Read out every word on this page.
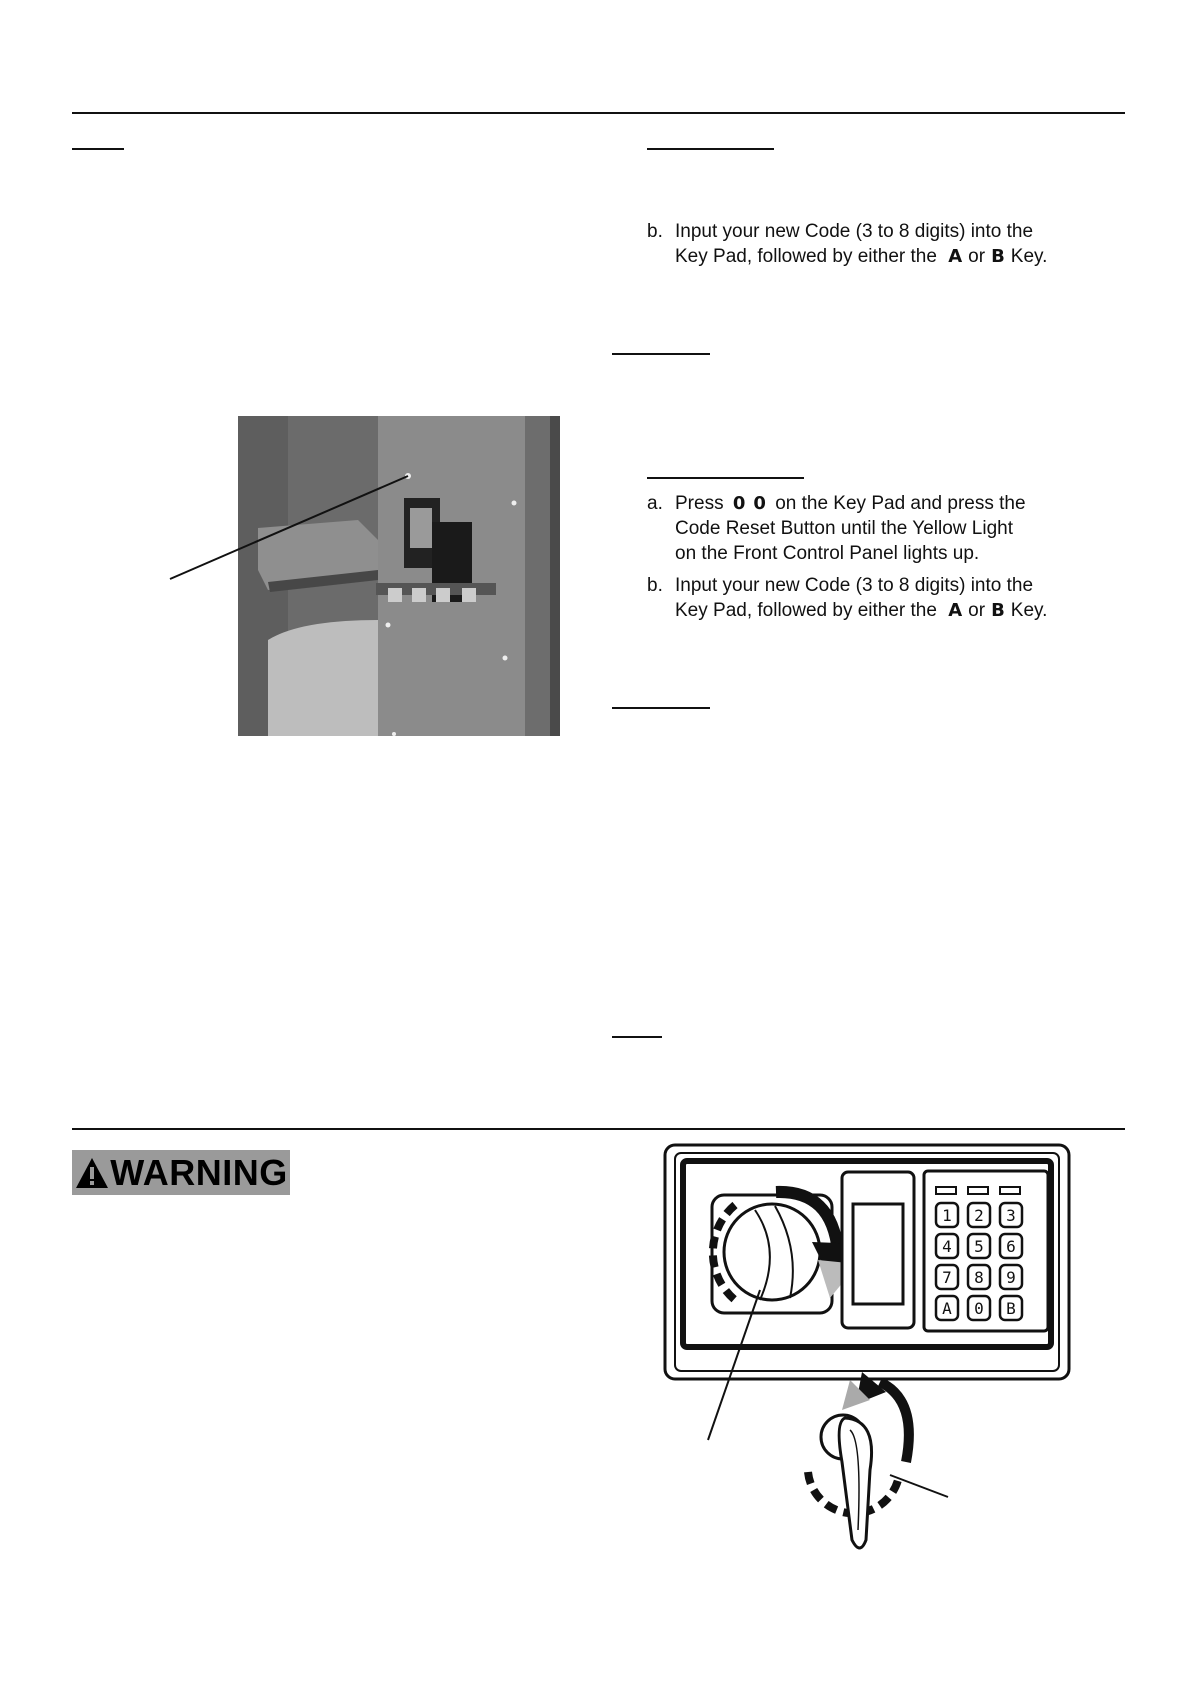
b. Input your new Code (3 to 8 digits) into the
Key Pad, followed by either the A or B Key.
a. Press 0 0 on the Key Pad and press the
Code Reset Button until the Yellow Light
on the Front Control Panel lights up.
b. Input your new Code (3 to 8 digits) into the
Key Pad, followed by either the A or B Key.
WARNING
1 2 3
4 5 6
7 8 9
A 0 B
